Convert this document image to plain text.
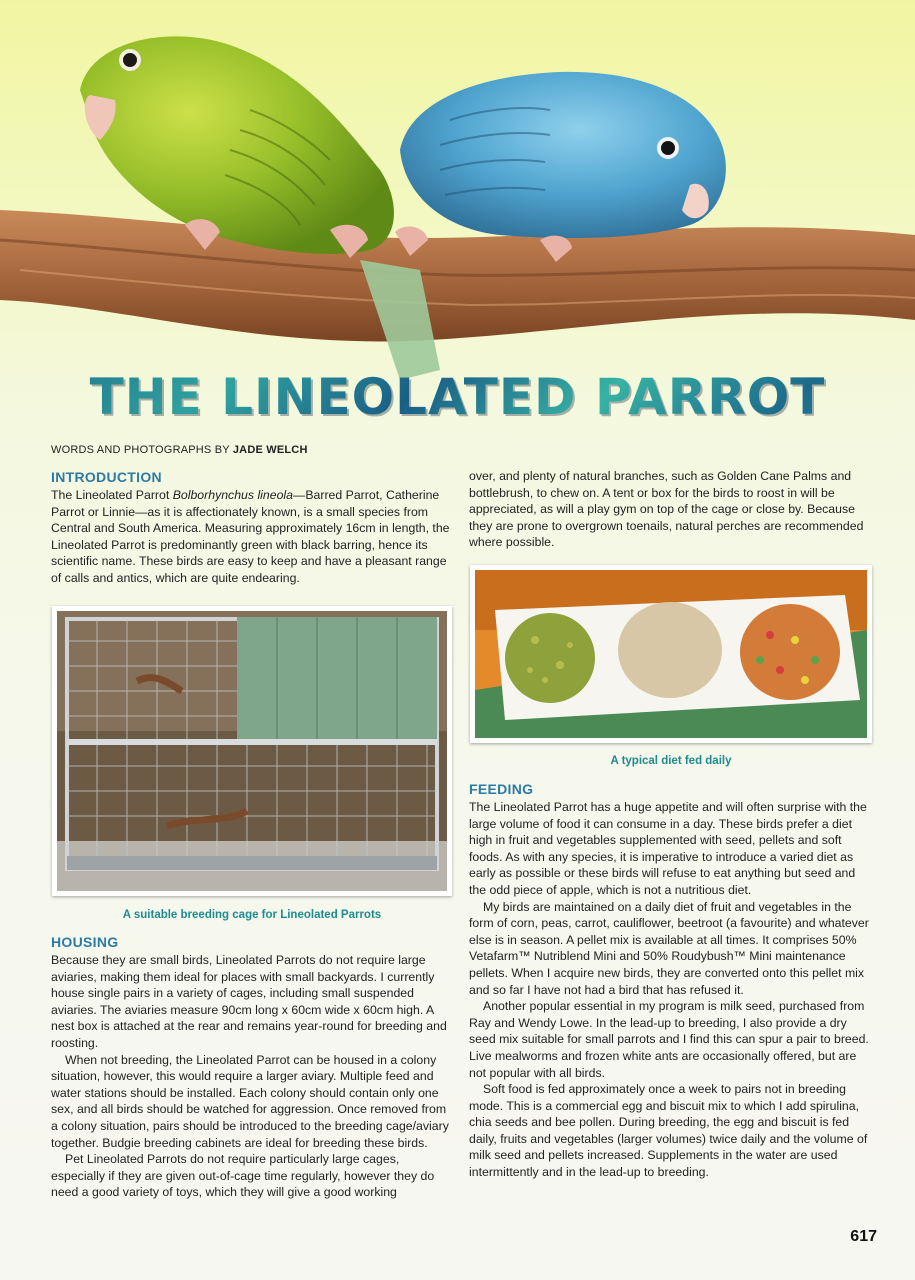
THE LINEOLATED PARROT
WORDS AND PHOTOGRAPHS BY JADE WELCH
INTRODUCTION

The Lineolated Parrot Bolborhynchus lineola—Barred Parrot, Catherine Parrot or Linnie—as it is affectionately known, is a small species from Central and South America. Measuring approximately 16cm in length, the Lineolated Parrot is predominantly green with black barring, hence its scientific name. These birds are easy to keep and have a pleasant range of calls and antics, which are quite endearing.

A suitable breeding cage for Lineolated Parrots
HOUSING

Because they are small birds, Lineolated Parrots do not require large aviaries, making them ideal for places with small backyards. I currently house single pairs in a variety of cages, including small suspended aviaries. The aviaries measure 90cm long x 60cm wide x 60cm high. A nest box is attached at the rear and remains year-round for breeding and roosting.

When not breeding, the Lineolated Parrot can be housed in a colony situation, however, this would require a larger aviary. Multiple feed and water stations should be installed. Each colony should contain only one sex, and all birds should be watched for aggression. Once removed from a colony situation, pairs should be introduced to the breeding cage/aviary together. Budgie breeding cabinets are ideal for breeding these birds.

Pet Lineolated Parrots do not require particularly large cages, especially if they are given out-of-cage time regularly, however they do need a good variety of toys, which they will give a good working

over, and plenty of natural branches, such as Golden Cane Palms and bottlebrush, to chew on. A tent or box for the birds to roost in will be appreciated, as will a play gym on top of the cage or close by. Because they are prone to overgrown toenails, natural perches are recommended where possible.

A typical diet fed daily
FEEDING

The Lineolated Parrot has a huge appetite and will often surprise with the large volume of food it can consume in a day. These birds prefer a diet high in fruit and vegetables supplemented with seed, pellets and soft foods. As with any species, it is imperative to introduce a varied diet as early as possible or these birds will refuse to eat anything but seed and the odd piece of apple, which is not a nutritious diet.

My birds are maintained on a daily diet of fruit and vegetables in the form of corn, peas, carrot, cauliflower, beetroot (a favourite) and whatever else is in season. A pellet mix is available at all times. It comprises 50% Vetafarm™ Nutriblend Mini and 50% Roudybush™ Mini maintenance pellets. When I acquire new birds, they are converted onto this pellet mix and so far I have not had a bird that has refused it.

Another popular essential in my program is milk seed, purchased from Ray and Wendy Lowe. In the lead-up to breeding, I also provide a dry seed mix suitable for small parrots and I find this can spur a pair to breed. Live mealworms and frozen white ants are occasionally offered, but are not popular with all birds.

Soft food is fed approximately once a week to pairs not in breeding mode. This is a commercial egg and biscuit mix to which I add spirulina, chia seeds and bee pollen. During breeding, the egg and biscuit is fed daily, fruits and vegetables (larger volumes) twice daily and the volume of milk seed and pellets increased. Supplements in the water are used intermittently and in the lead-up to breeding.

617
